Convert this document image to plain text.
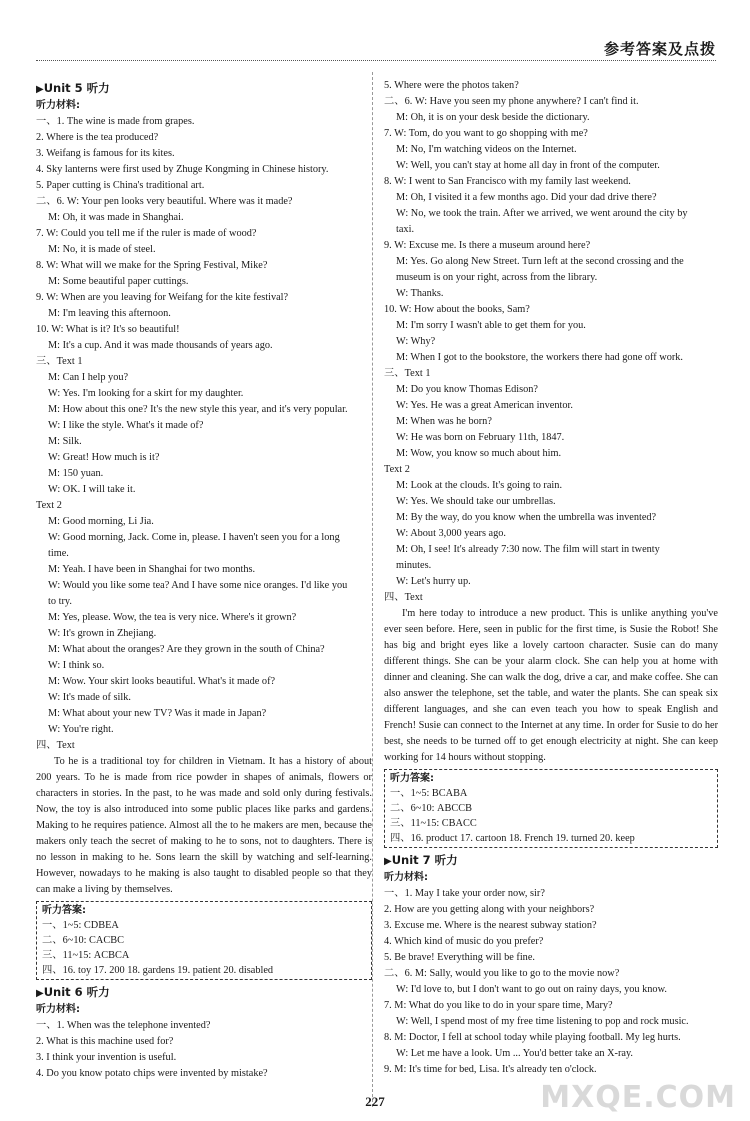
参考答案及点拨
▶Unit 5 听力
听力材料:
一、1. The wine is made from grapes.
2. Where is the tea produced?
3. Weifang is famous for its kites.
4. Sky lanterns were first used by Zhuge Kongming in Chinese history.
5. Paper cutting is China's traditional art.
二、6. W: Your pen looks very beautiful. Where was it made?
M: Oh, it was made in Shanghai.
7. W: Could you tell me if the ruler is made of wood?
M: No, it is made of steel.
8. W: What will we make for the Spring Festival, Mike?
M: Some beautiful paper cuttings.
9. W: When are you leaving for Weifang for the kite festival?
M: I'm leaving this afternoon.
10. W: What is it? It's so beautiful!
M: It's a cup. And it was made thousands of years ago.
三、Text 1
M: Can I help you?
W: Yes. I'm looking for a skirt for my daughter.
M: How about this one? It's the new style this year, and it's very popular.
W: I like the style. What's it made of?
M: Silk.
W: Great! How much is it?
M: 150 yuan.
W: OK. I will take it.
Text 2
M: Good morning, Li Jia.
W: Good morning, Jack. Come in, please. I haven't seen you for a long
time.
M: Yeah. I have been in Shanghai for two months.
W: Would you like some tea? And I have some nice oranges. I'd like you
to try.
M: Yes, please. Wow, the tea is very nice. Where's it grown?
W: It's grown in Zhejiang.
M: What about the oranges? Are they grown in the south of China?
W: I think so.
M: Wow. Your skirt looks beautiful. What's it made of?
W: It's made of silk.
M: What about your new TV? Was it made in Japan?
W: You're right.
四、Text
To he is a traditional toy for children in Vietnam. It has a history of about 200 years. To he is made from rice powder in shapes of animals, flowers or characters in stories. In the past, to he was made and sold only during festivals. Now, the toy is also introduced into some public places like parks and gardens. Making to he requires patience. Almost all the to he makers are men, because the makers only teach the secret of making to he to sons, not to daughters. There is no lesson in making to he. Sons learn the skill by watching and self-learning. However, nowadays to he making is also taught to disabled people so that they can make a living by themselves.
听力答案:
一、1~5: CDBEA
二、6~10: CACBC
三、11~15: ACBCA
四、16. toy 17. 200 18. gardens 19. patient 20. disabled
▶Unit 6 听力
听力材料:
一、1. When was the telephone invented?
2. What is this machine used for?
3. I think your invention is useful.
4. Do you know potato chips were invented by mistake?
5. Where were the photos taken?
二、6. W: Have you seen my phone anywhere? I can't find it.
M: Oh, it is on your desk beside the dictionary.
7. W: Tom, do you want to go shopping with me?
M: No, I'm watching videos on the Internet.
W: Well, you can't stay at home all day in front of the computer.
8. W: I went to San Francisco with my family last weekend.
M: Oh, I visited it a few months ago. Did your dad drive there?
W: No, we took the train. After we arrived, we went around the city by
taxi.
9. W: Excuse me. Is there a museum around here?
M: Yes. Go along New Street. Turn left at the second crossing and the
museum is on your right, across from the library.
W: Thanks.
10. W: How about the books, Sam?
M: I'm sorry I wasn't able to get them for you.
W: Why?
M: When I got to the bookstore, the workers there had gone off work.
三、Text 1
M: Do you know Thomas Edison?
W: Yes. He was a great American inventor.
M: When was he born?
W: He was born on February 11th, 1847.
M: Wow, you know so much about him.
Text 2
M: Look at the clouds. It's going to rain.
W: Yes. We should take our umbrellas.
M: By the way, do you know when the umbrella was invented?
W: About 3,000 years ago.
M: Oh, I see! It's already 7:30 now. The film will start in twenty
minutes.
W: Let's hurry up.
四、Text
I'm here today to introduce a new product. This is unlike anything you've ever seen before. Here, seen in public for the first time, is Susie the Robot! She has big and bright eyes like a lovely cartoon character. Susie can do many different things. She can be your alarm clock. She can help you at home with dinner and cleaning. She can walk the dog, drive a car, and make coffee. She can also answer the telephone, set the table, and water the plants. She can speak six different languages, and she can even teach you how to speak English and French! Susie can connect to the Internet at any time. In order for Susie to do her best, she needs to be turned off to get enough electricity at night. She can keep working for 14 hours without stopping.
听力答案:
一、1~5: BCABA
二、6~10: ABCCB
三、11~15: CBACC
四、16. product 17. cartoon 18. French 19. turned 20. keep
▶Unit 7 听力
听力材料:
一、1. May I take your order now, sir?
2. How are you getting along with your neighbors?
3. Excuse me. Where is the nearest subway station?
4. Which kind of music do you prefer?
5. Be brave! Everything will be fine.
二、6. M: Sally, would you like to go to the movie now?
W: I'd love to, but I don't want to go out on rainy days, you know.
7. M: What do you like to do in your spare time, Mary?
W: Well, I spend most of my free time listening to pop and rock music.
8. M: Doctor, I fell at school today while playing football. My leg hurts.
W: Let me have a look. Um ... You'd better take an X-ray.
9. M: It's time for bed, Lisa. It's already ten o'clock.
227	MXQE.COM
